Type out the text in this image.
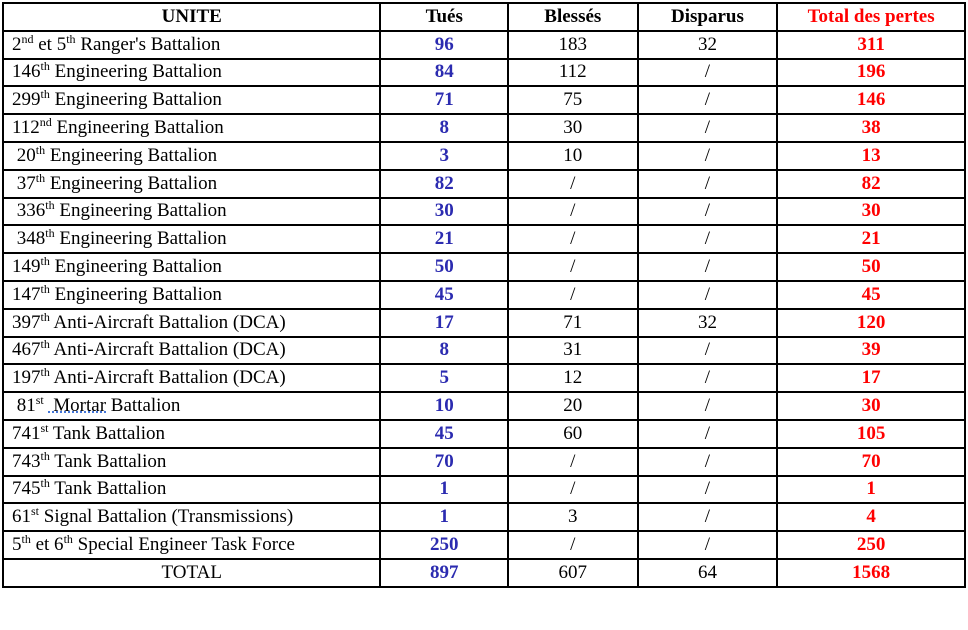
UNITE	Tués	Blessés	Disparus	Total des pertes
2nd et 5th Ranger's Battalion	96	183	32	311
146th Engineering Battalion	84	112	/	196
299th Engineering Battalion	71	75	/	146
112nd Engineering Battalion	8	30	/	38
20th Engineering Battalion	3	10	/	13
37th Engineering Battalion	82	/	/	82
336th Engineering Battalion	30	/	/	30
348th Engineering Battalion	21	/	/	21
149th Engineering Battalion	50	/	/	50
147th Engineering Battalion	45	/	/	45
397th Anti-Aircraft Battalion (DCA)	17	71	32	120
467th Anti-Aircraft Battalion (DCA)	8	31	/	39
197th Anti-Aircraft Battalion (DCA)	5	12	/	17
81st  Mortar Battalion	10	20	/	30
741st Tank Battalion	45	60	/	105
743th Tank Battalion	70	/	/	70
745th Tank Battalion	1	/	/	1
61st Signal Battalion (Transmissions)	1	3	/	4
5th et 6th Special Engineer Task Force	250	/	/	250
TOTAL	897	607	64	1568
